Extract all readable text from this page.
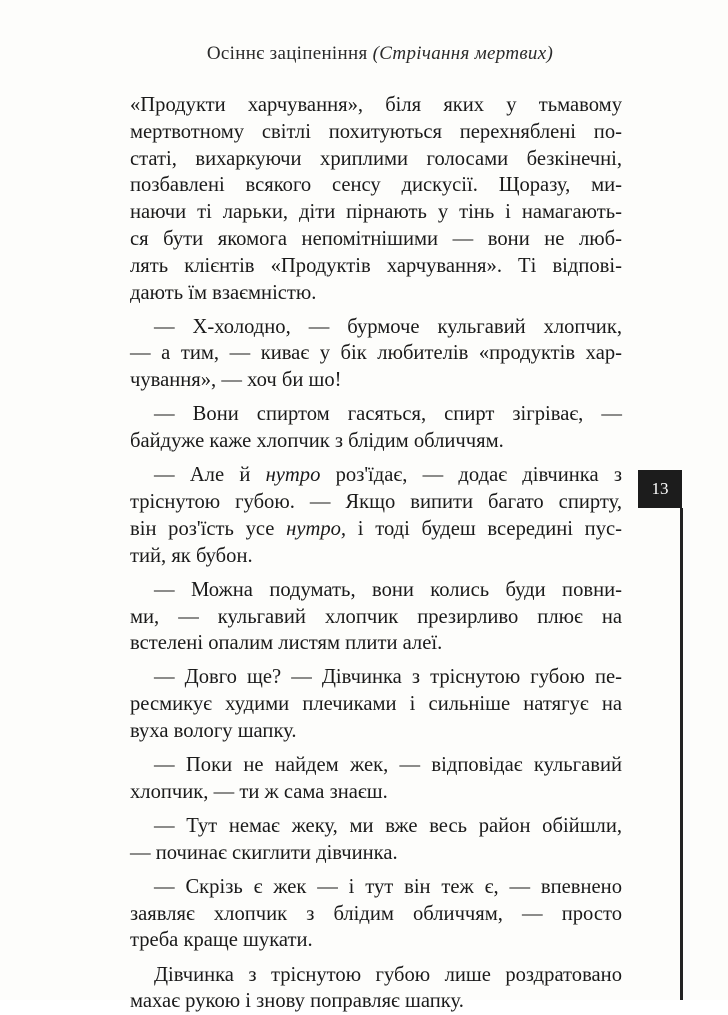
Осіннє заціпеніння (Стрічання мертвих)
«Продукти харчування», біля яких у тьмавому
мертвотному світлі похитуються перехняблені по-
статі, вихаркуючи хриплими голосами безкінечні,
позбавлені всякого сенсу дискусії. Щоразу, ми-
наючи ті ларьки, діти пірнають у тінь і намагають-
ся бути якомога непомітнішими — вони не люб-
лять клієнтів «Продуктів харчування». Ті відпові-
дають їм взаємністю.
— Х-холодно, — бурмоче кульгавий хлопчик,
— а тим, — киває у бік любителів «продуктів хар-
чування», — хоч би шо!
— Вони спиртом гасяться, спирт зігріває, —
байдуже каже хлопчик з блідим обличчям.
— Але й нутро роз'їдає, — додає дівчинка з
тріснутою губою. — Якщо випити багато спирту,
він роз'їсть усе нутро, і тоді будеш всередині пус-
тий, як бубон.
— Можна подумать, вони колись буди повни-
ми, — кульгавий хлопчик презирливо плює на
встелені опалим листям плити алеї.
— Довго ще? — Дівчинка з тріснутою губою пе-
ресмикує худими плечиками і сильніше натягує на
вуха вологу шапку.
— Поки не найдем жек, — відповідає кульгавий
хлопчик, — ти ж сама знаєш.
— Тут немає жеку, ми вже весь район обійшли,
— починає скиглити дівчинка.
— Скрізь є жек — і тут він теж є, — впевнено
заявляє хлопчик з блідим обличчям, — просто
треба краще шукати.
Дівчинка з тріснутою губою лише роздратовано
махає рукою і знову поправляє шапку.
13
